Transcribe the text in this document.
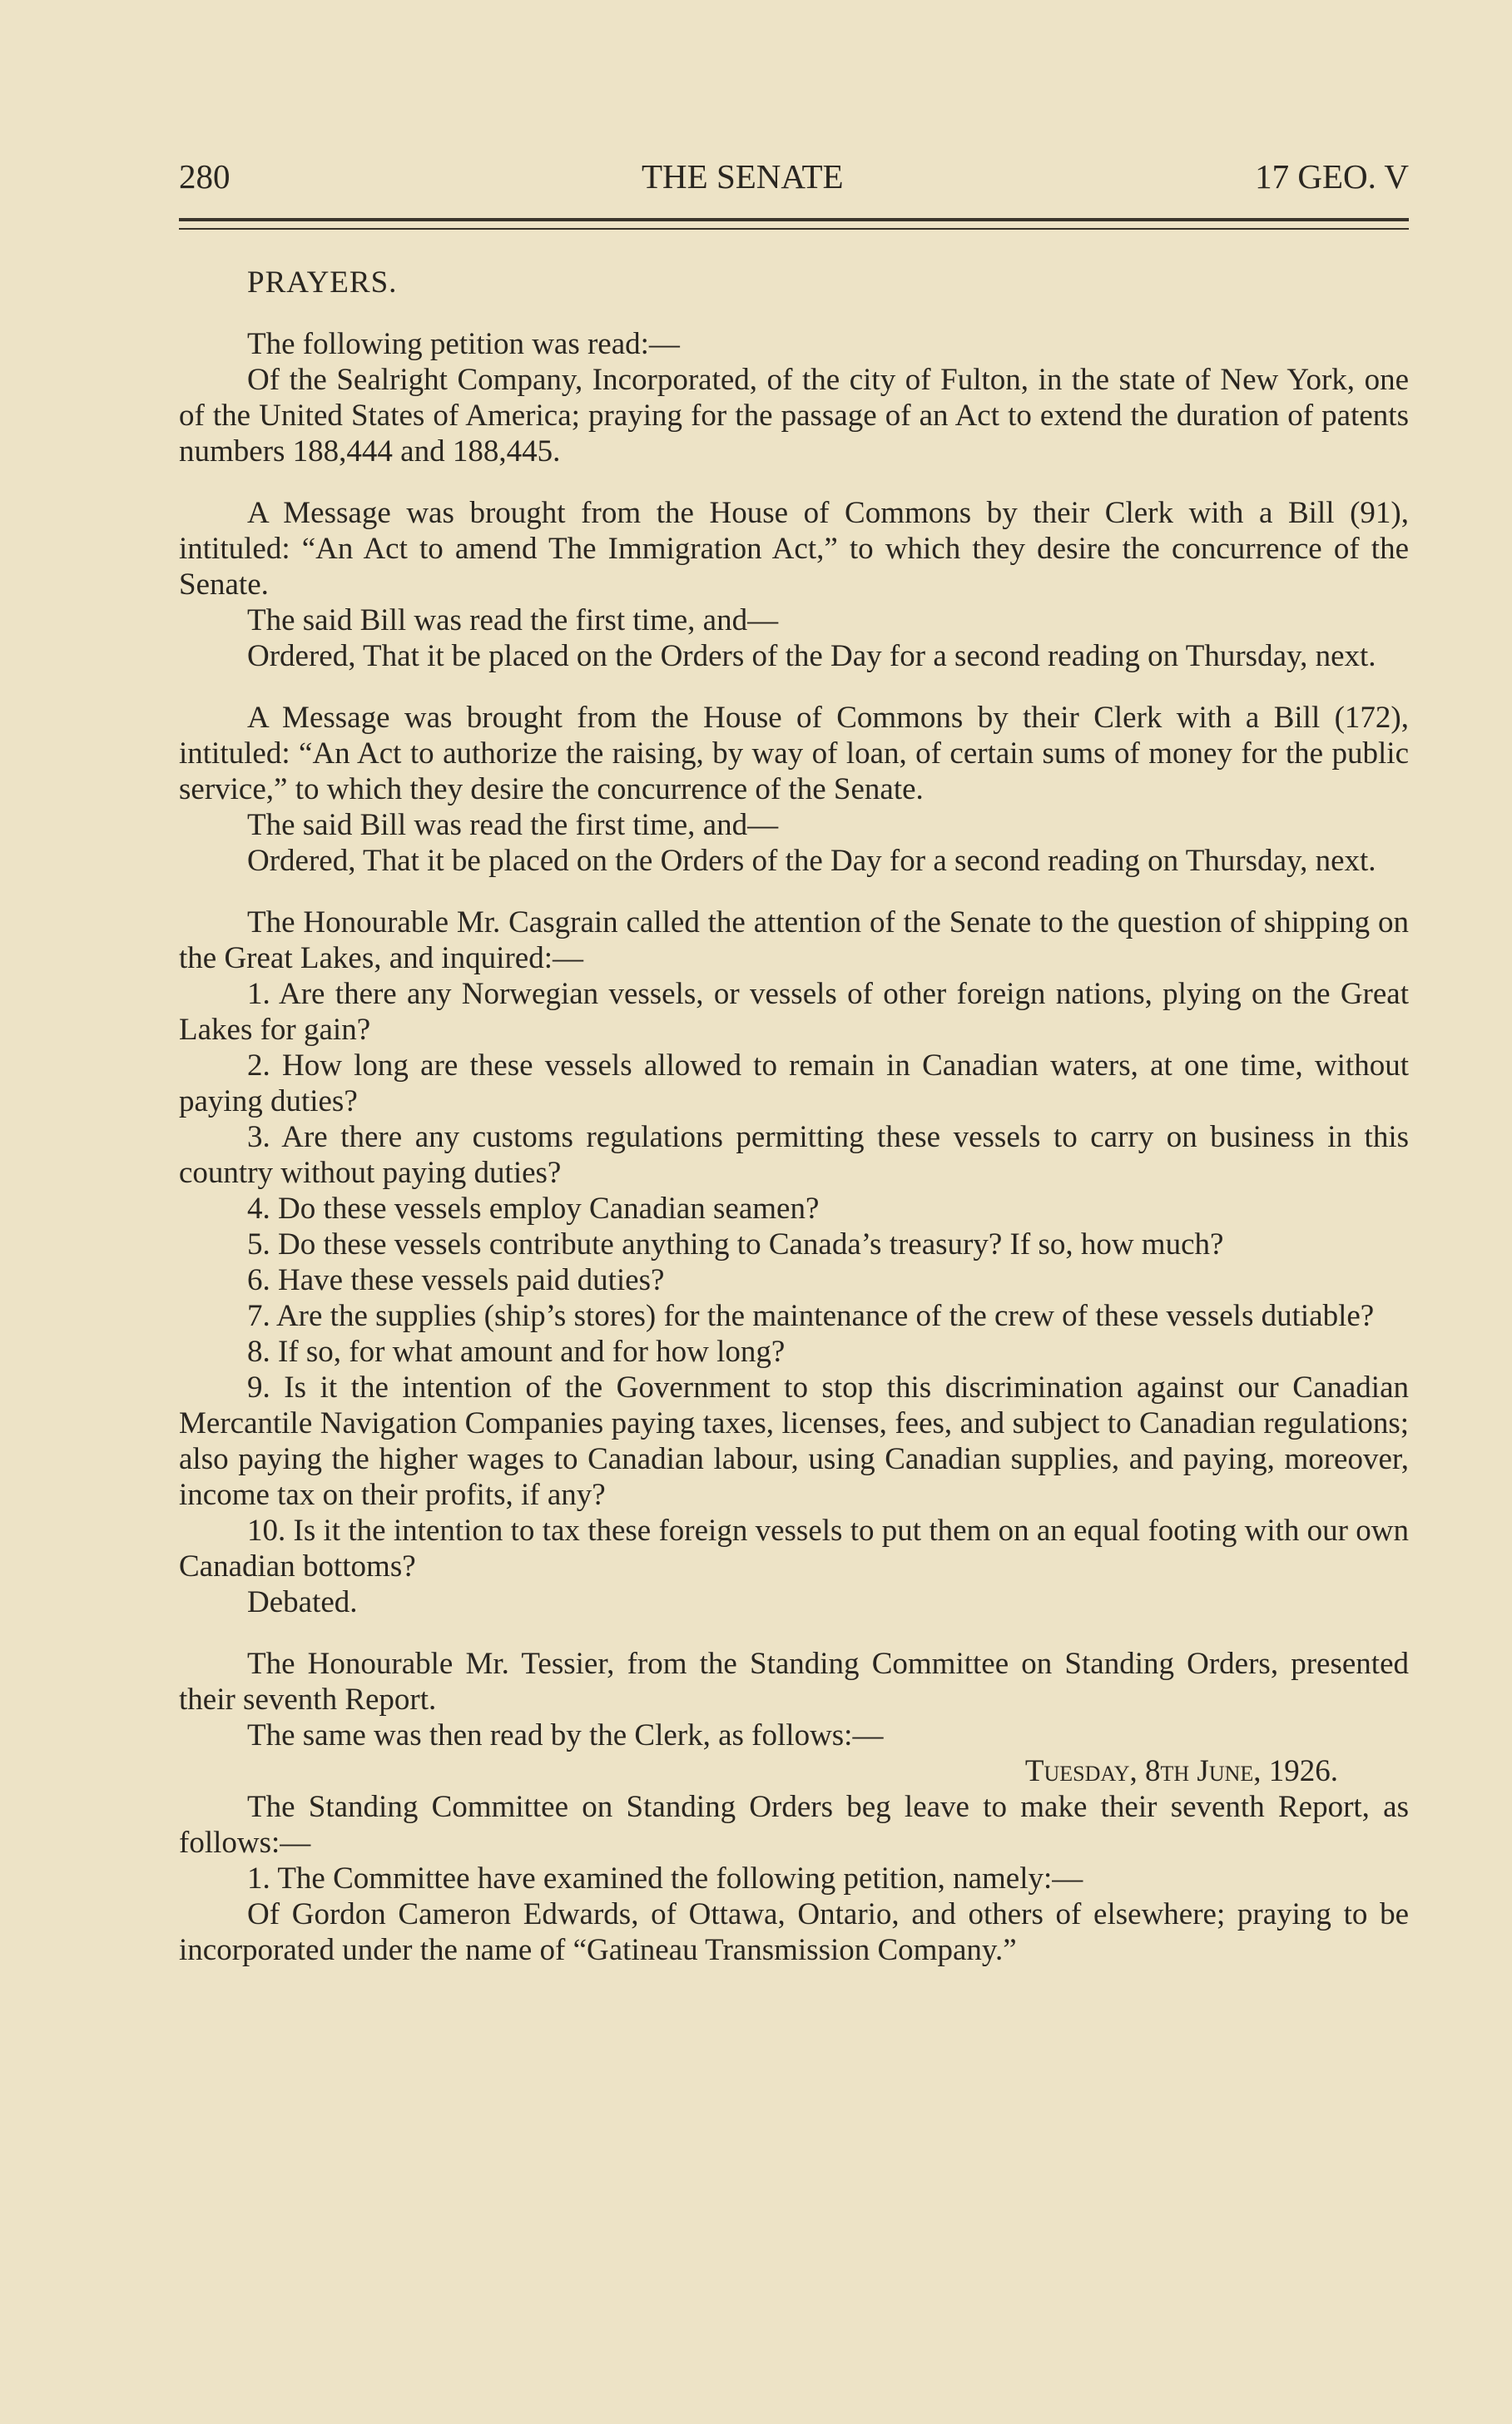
280	THE SENATE	17 GEO. V

PRAYERS.

The following petition was read:—

Of the Sealright Company, Incorporated, of the city of Fulton, in the state of New York, one of the United States of America; praying for the passage of an Act to extend the duration of patents numbers 188,444 and 188,445.

A Message was brought from the House of Commons by their Clerk with a Bill (91), intituled: “An Act to amend The Immigration Act,” to which they desire the concurrence of the Senate.

The said Bill was read the first time, and—

Ordered, That it be placed on the Orders of the Day for a second reading on Thursday, next.

A Message was brought from the House of Commons by their Clerk with a Bill (172), intituled: “An Act to authorize the raising, by way of loan, of certain sums of money for the public service,” to which they desire the concurrence of the Senate.

The said Bill was read the first time, and—

Ordered, That it be placed on the Orders of the Day for a second reading on Thursday, next.

The Honourable Mr. Casgrain called the attention of the Senate to the question of shipping on the Great Lakes, and inquired:—

1. Are there any Norwegian vessels, or vessels of other foreign nations, plying on the Great Lakes for gain?

2. How long are these vessels allowed to remain in Canadian waters, at one time, without paying duties?

3. Are there any customs regulations permitting these vessels to carry on business in this country without paying duties?

4. Do these vessels employ Canadian seamen?

5. Do these vessels contribute anything to Canada’s treasury? If so, how much?

6. Have these vessels paid duties?

7. Are the supplies (ship’s stores) for the maintenance of the crew of these vessels dutiable?

8. If so, for what amount and for how long?

9. Is it the intention of the Government to stop this discrimination against our Canadian Mercantile Navigation Companies paying taxes, licenses, fees, and subject to Canadian regulations; also paying the higher wages to Canadian labour, using Canadian supplies, and paying, moreover, income tax on their profits, if any?

10. Is it the intention to tax these foreign vessels to put them on an equal footing with our own Canadian bottoms?

Debated.

The Honourable Mr. Tessier, from the Standing Committee on Standing Orders, presented their seventh Report.

The same was then read by the Clerk, as follows:—

Tuesday, 8th June, 1926.

The Standing Committee on Standing Orders beg leave to make their seventh Report, as follows:—

1. The Committee have examined the following petition, namely:—

Of Gordon Cameron Edwards, of Ottawa, Ontario, and others of elsewhere; praying to be incorporated under the name of “Gatineau Transmission Company.”
